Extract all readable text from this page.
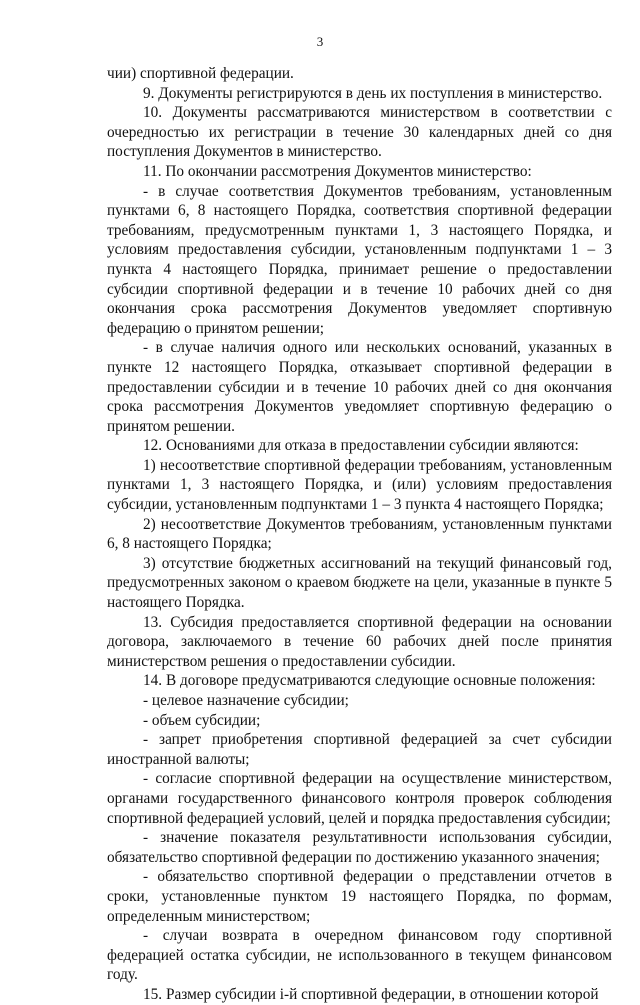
3

чии) спортивной федерации.

9. Документы регистрируются в день их поступления в министерство.

10. Документы рассматриваются министерством в соответствии с очередностью их регистрации в течение 30 календарных дней со дня поступления Документов в министерство.

11. По окончании рассмотрения Документов министерство:

- в случае соответствия Документов требованиям, установленным пунктами 6, 8 настоящего Порядка, соответствия спортивной федерации требованиям, предусмотренным пунктами 1, 3 настоящего Порядка, и условиям предоставления субсидии, установленным подпунктами 1 – 3 пункта 4 настоящего Порядка, принимает решение о предоставлении субсидии спортивной федерации и в течение 10 рабочих дней со дня окончания срока рассмотрения Документов уведомляет спортивную федерацию о принятом решении;

- в случае наличия одного или нескольких оснований, указанных в пункте 12 настоящего Порядка, отказывает спортивной федерации в предоставлении субсидии и в течение 10 рабочих дней со дня окончания срока рассмотрения Документов уведомляет спортивную федерацию о принятом решении.

12. Основаниями для отказа в предоставлении субсидии являются:

1) несоответствие спортивной федерации требованиям, установленным пунктами 1, 3 настоящего Порядка, и (или) условиям предоставления субсидии, установленным подпунктами 1 – 3 пункта 4 настоящего Порядка;

2) несоответствие Документов требованиям, установленным пунктами 6, 8 настоящего Порядка;

3) отсутствие бюджетных ассигнований на текущий финансовый год, предусмотренных законом о краевом бюджете на цели, указанные в пункте 5 настоящего Порядка.

13. Субсидия предоставляется спортивной федерации на основании договора, заключаемого в течение 60 рабочих дней после принятия министерством решения о предоставлении субсидии.

14. В договоре предусматриваются следующие основные положения:

- целевое назначение субсидии;

- объем субсидии;

- запрет приобретения спортивной федерацией за счет субсидии иностранной валюты;

- согласие спортивной федерации на осуществление министерством, органами государственного финансового контроля проверок соблюдения спортивной федерацией условий, целей и порядка предоставления субсидии;

- значение показателя результативности использования субсидии, обязательство спортивной федерации по достижению указанного значения;

- обязательство спортивной федерации о представлении отчетов в сроки, установленные пунктом 19 настоящего Порядка, по формам, определенным министерством;

- случаи возврата в очередном финансовом году спортивной федерацией остатка субсидии, не использованного в текущем финансовом году.

15. Размер субсидии i-й спортивной федерации, в отношении которой
